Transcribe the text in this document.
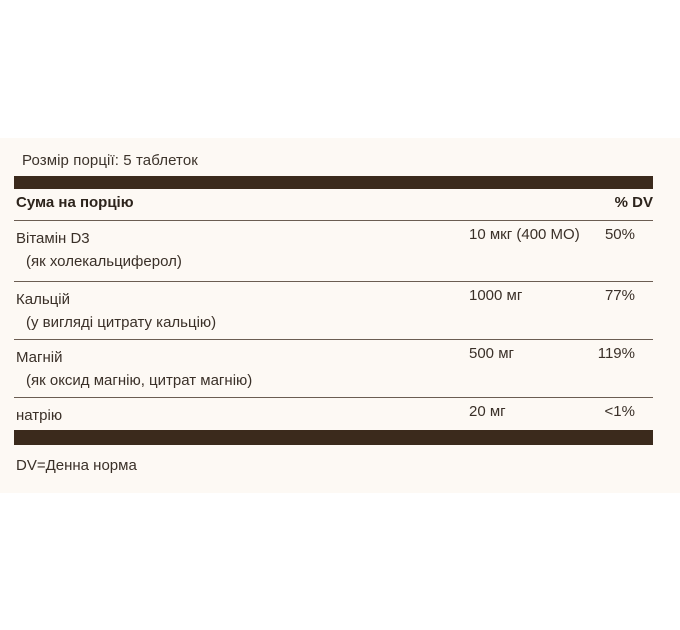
Розмір порції: 5 таблеток
Сума на порцію	% DV
Вітамін D3
(як холекальциферол)
10 мкг (400 МО)	50%
Кальцій
(у вигляді цитрату кальцію)
1000 мг	77%
Магній
(як оксид магнію, цитрат магнію)
500 мг	119%
натрію	20 мг	<1%
DV=Денна норма
